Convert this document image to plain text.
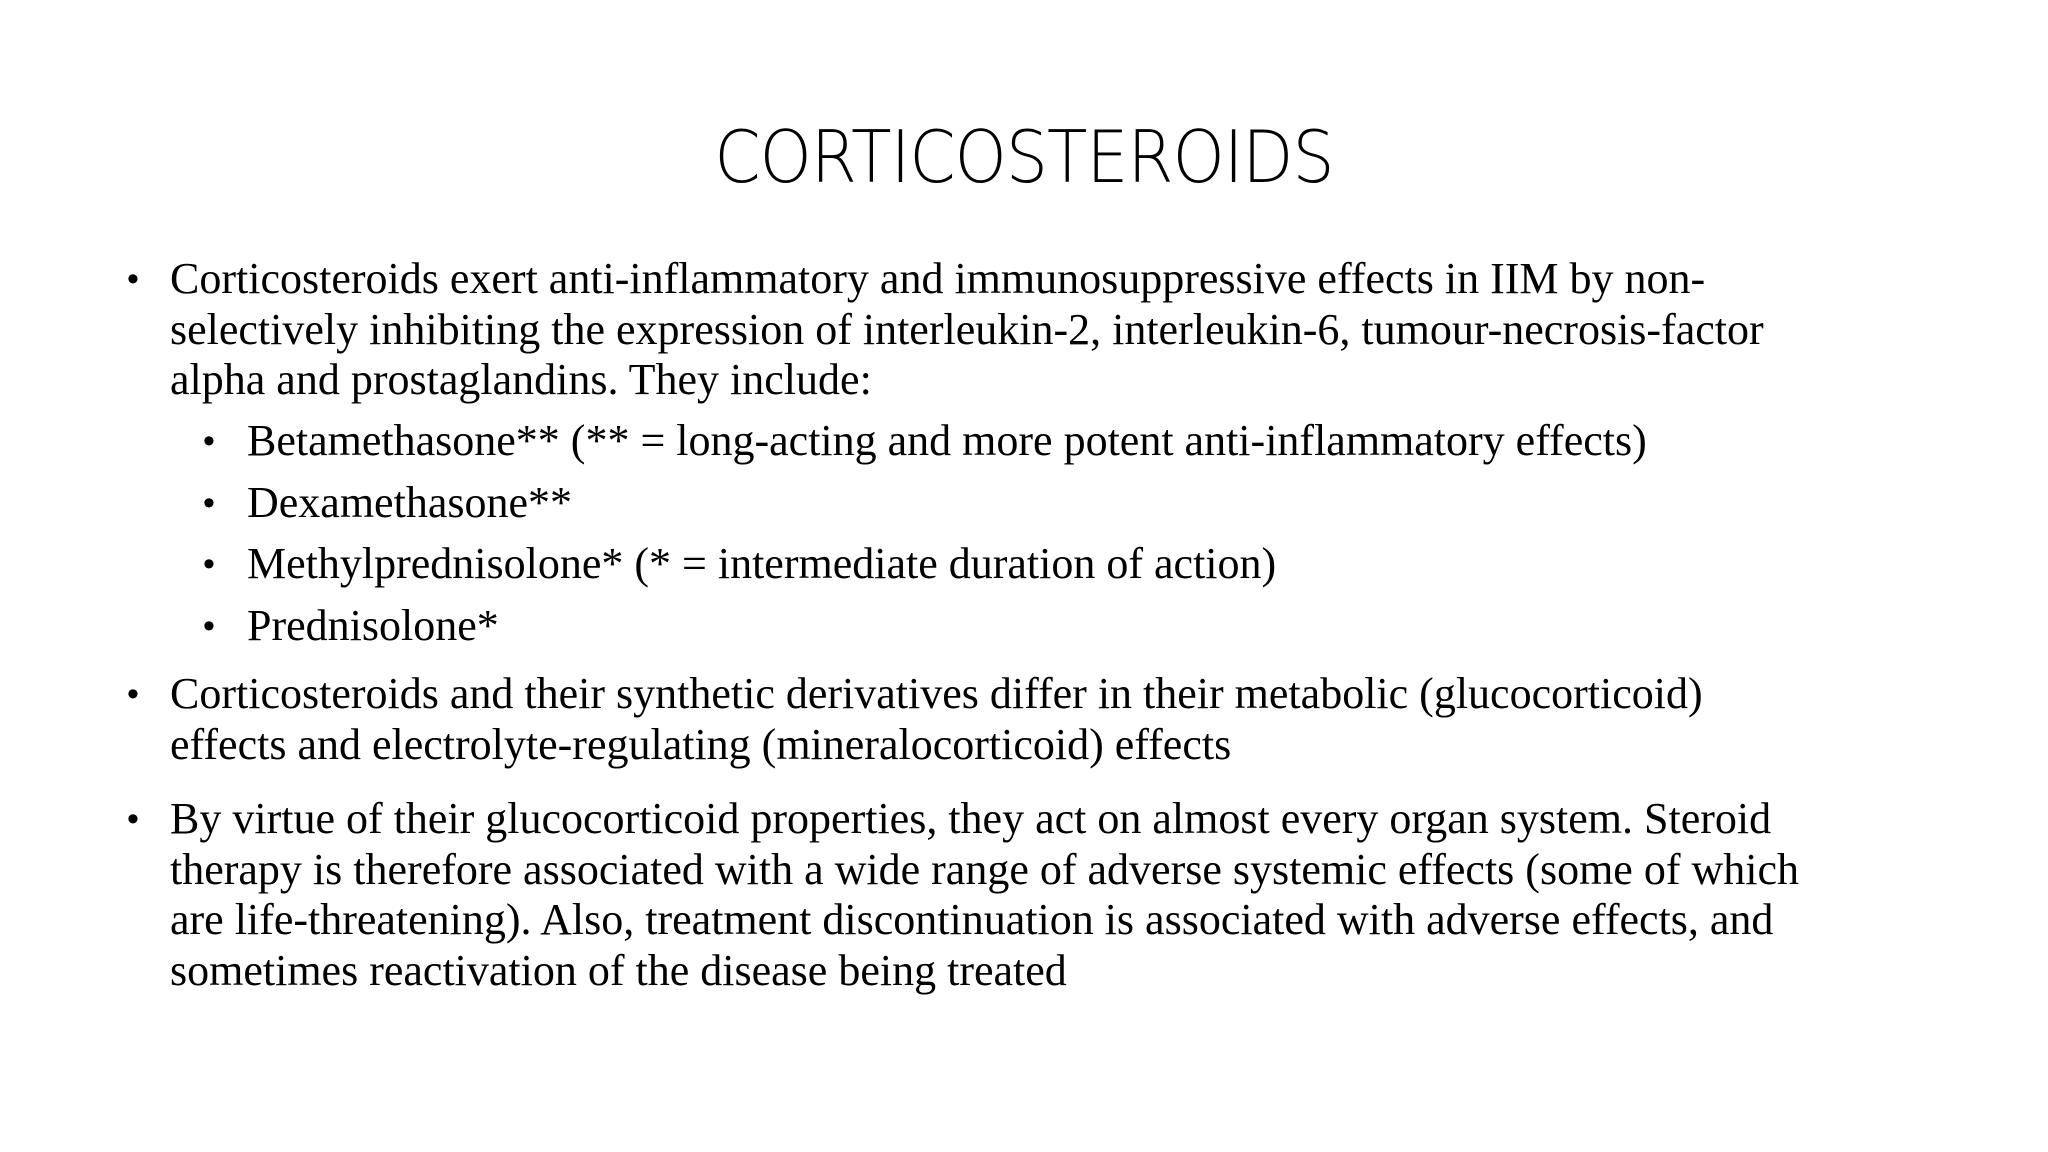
CORTICOSTEROIDS
• Corticosteroids exert anti-inflammatory and immunosuppressive effects in IIM by non-
selectively inhibiting the expression of interleukin-2, interleukin-6, tumour-necrosis-factor
alpha and prostaglandins. They include:
• Betamethasone** (** = long-acting and more potent anti-inflammatory effects)
• Dexamethasone**
• Methylprednisolone* (* = intermediate duration of action)
• Prednisolone*
• Corticosteroids and their synthetic derivatives differ in their metabolic (glucocorticoid)
effects and electrolyte-regulating (mineralocorticoid) effects
• By virtue of their glucocorticoid properties, they act on almost every organ system. Steroid
therapy is therefore associated with a wide range of adverse systemic effects (some of which
are life-threatening). Also, treatment discontinuation is associated with adverse effects, and
sometimes reactivation of the disease being treated
